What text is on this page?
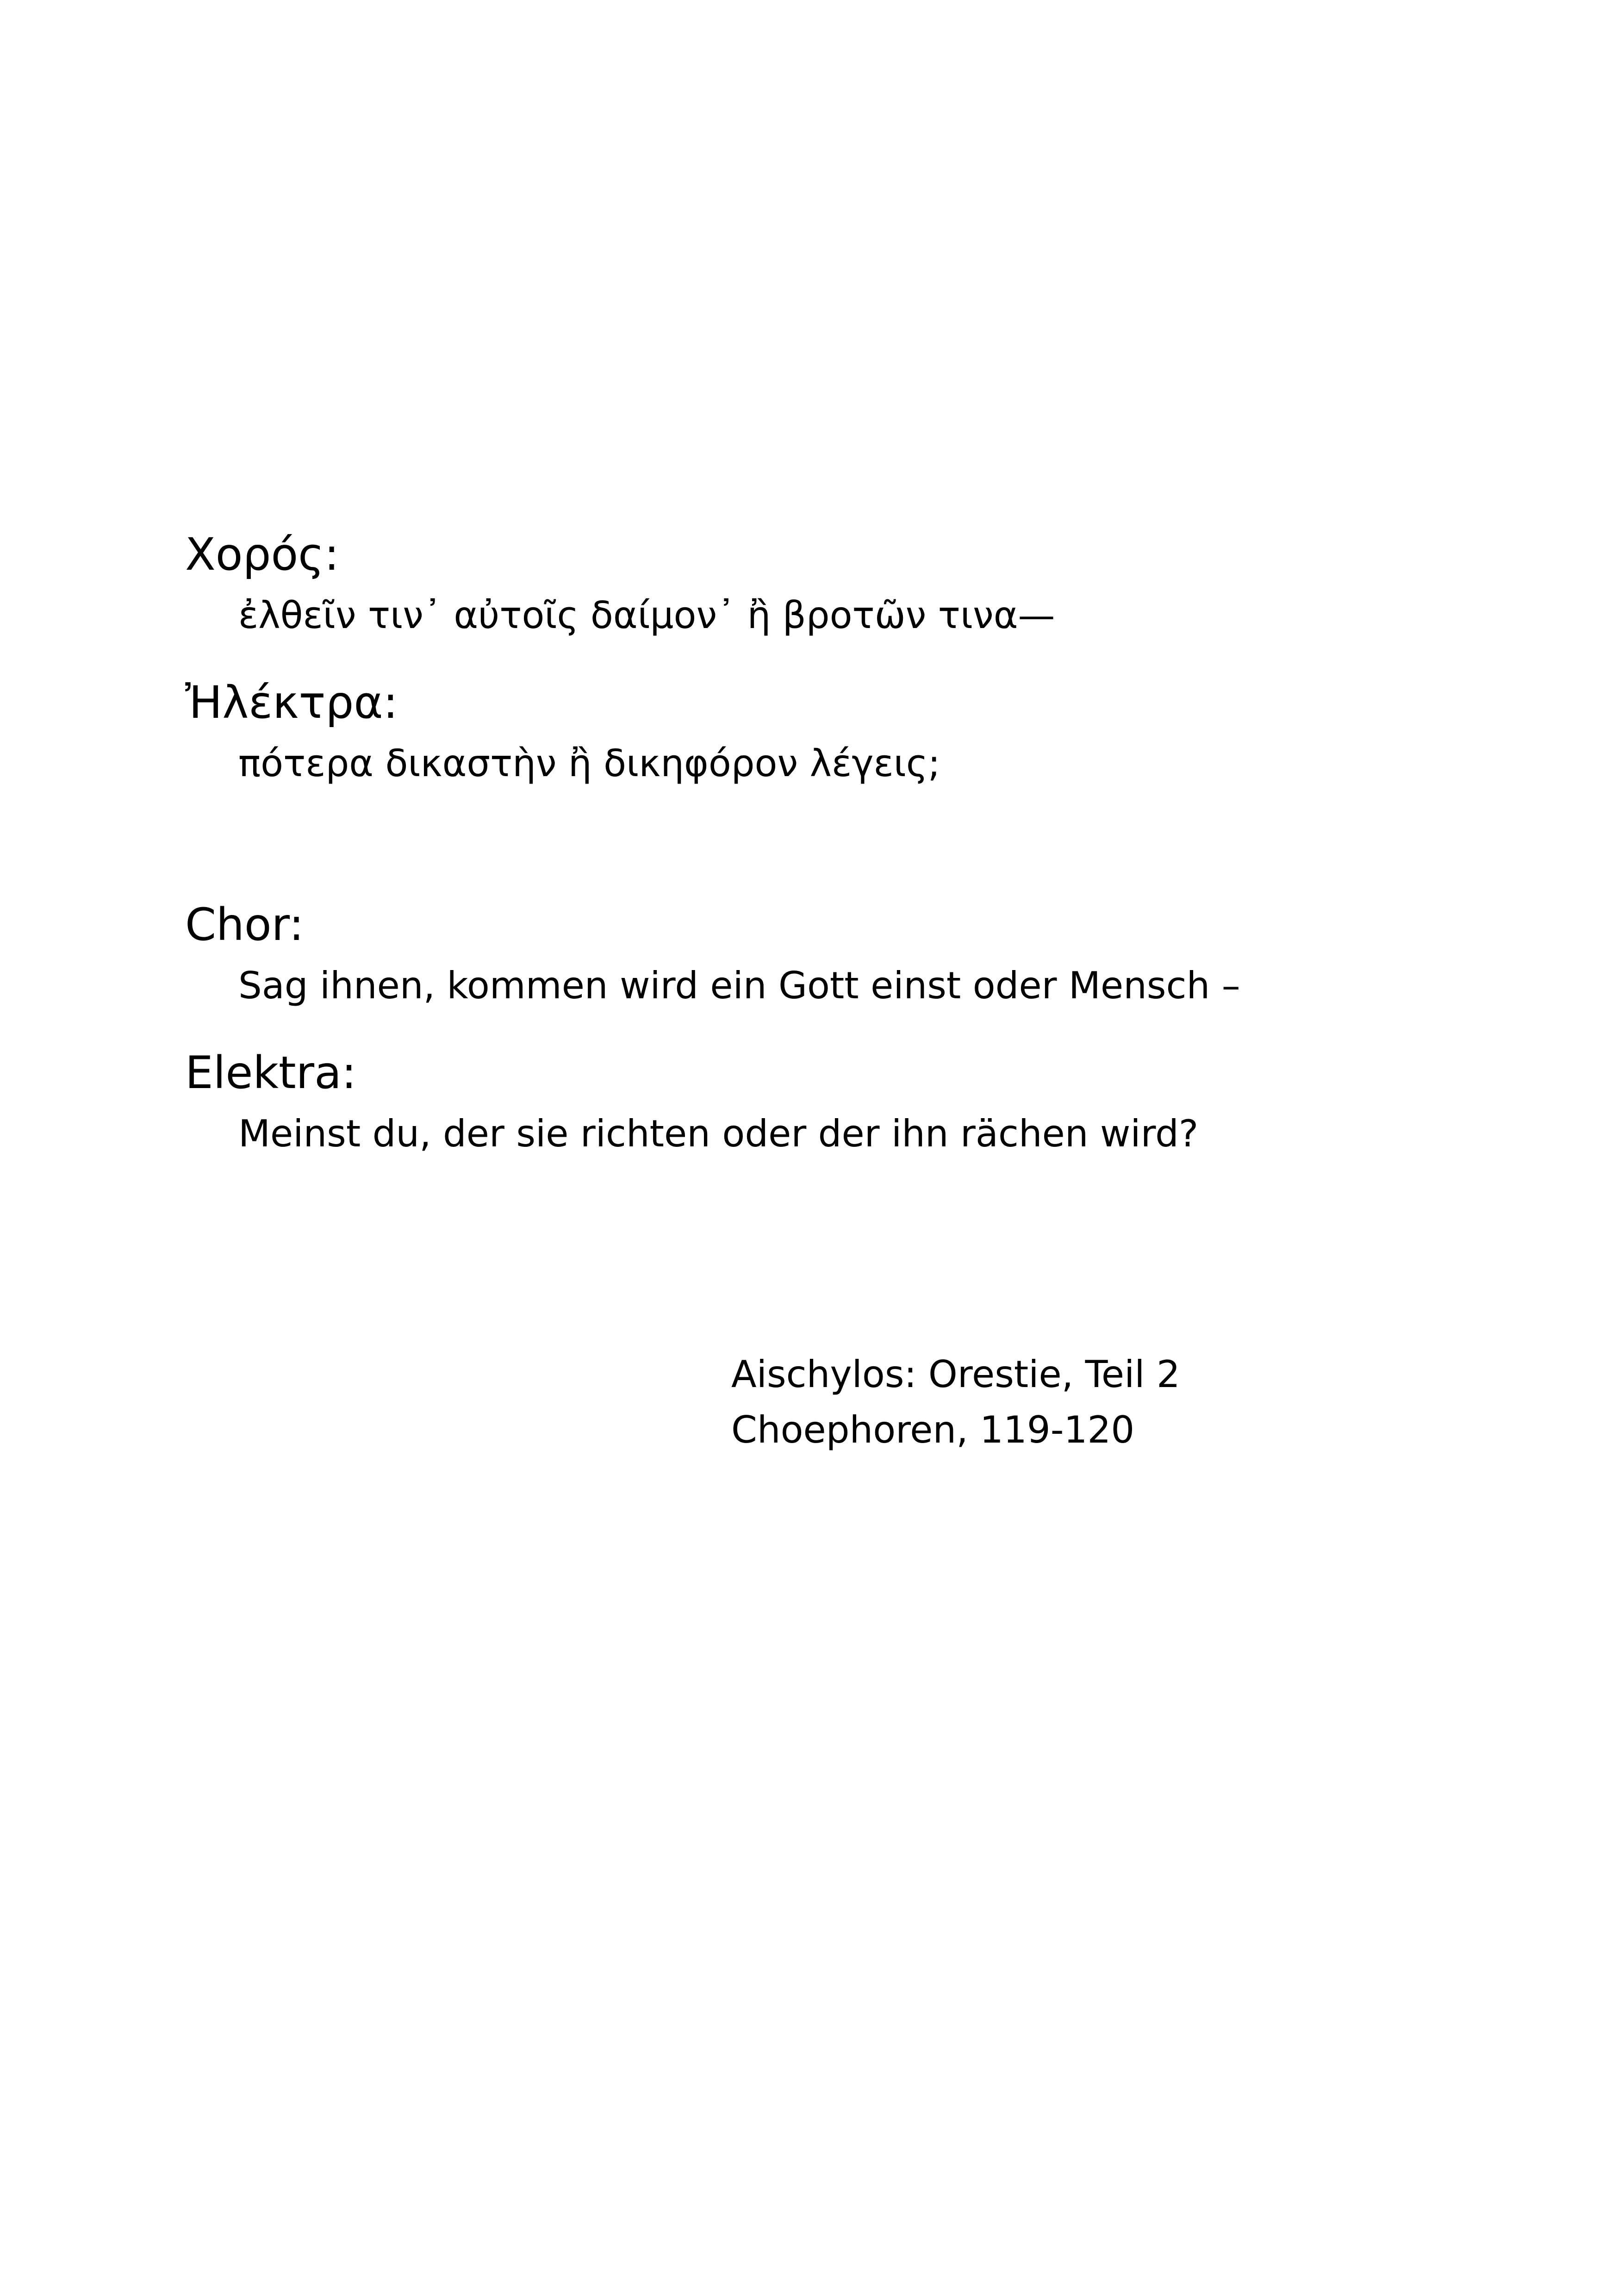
Χορός:
ἐλθεῖν τιν᾽ αὐτοῖς δαίμον᾽ ἢ βροτῶν τινα—
Ἠλέκτρα:
πότερα δικαστὴν ἢ δικηφόρον λέγεις;
Chor:
Sag ihnen, kommen wird ein Gott einst oder Mensch –
Elektra:
Meinst du, der sie richten oder der ihn rächen wird?
Aischylos: Orestie, Teil 2
Choephoren, 119-120
